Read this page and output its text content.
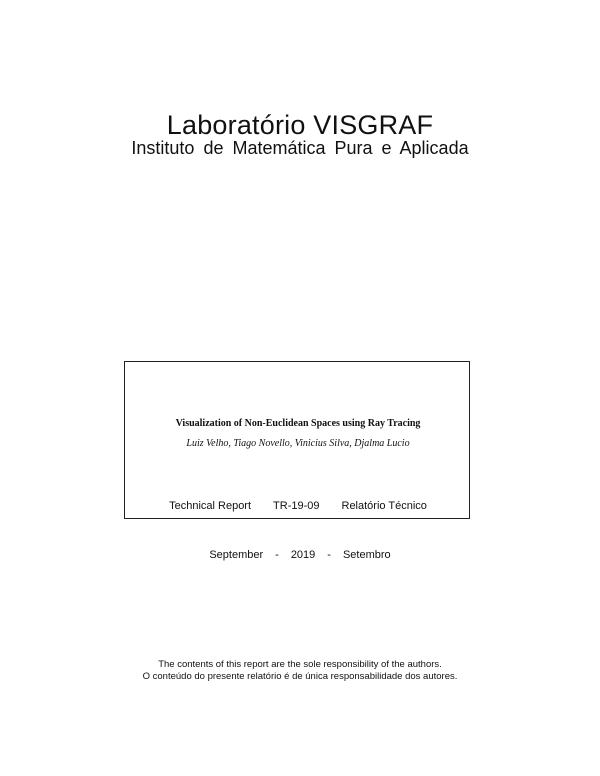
Laboratório VISGRAF
Instituto de Matemática Pura e Aplicada
Visualization of Non-Euclidean Spaces using Ray Tracing
Luiz Velho, Tiago Novello, Vinicius Silva, Djalma Lucio
Technical Report TR-19-09 Relatório Técnico
September	-	2019	-	Setembro
The contents of this report are the sole responsibility of the authors.
O conteúdo do presente relatório é de única responsabilidade dos autores.
